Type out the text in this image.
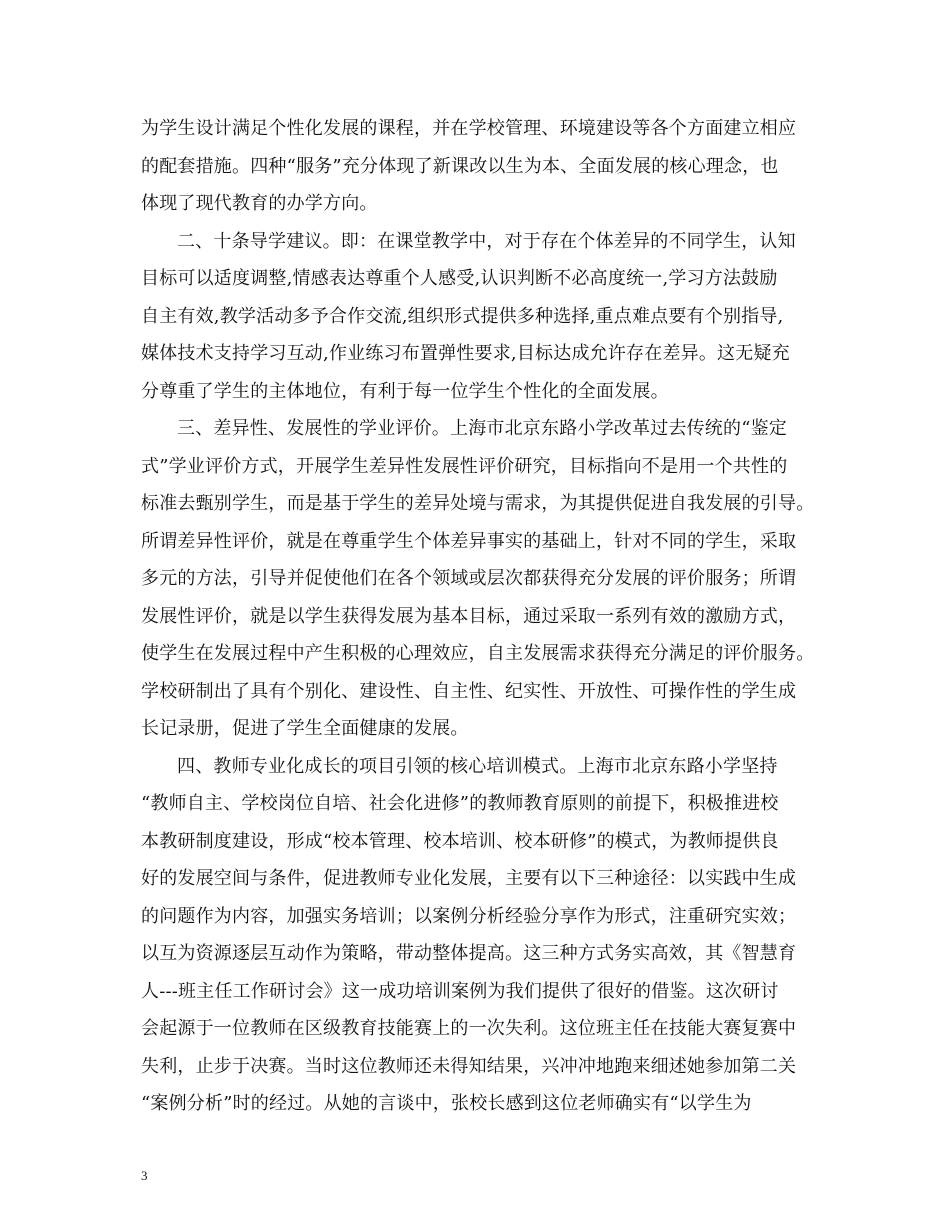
为学生设计满足个性化发展的课程，并在学校管理、环境建设等各个方面建立相应
的配套措施。四种“服务”充分体现了新课改以生为本、全面发展的核心理念，也
体现了现代教育的办学方向。
二、十条导学建议。即：在课堂教学中，对于存在个体差异的不同学生，认知
目标可以适度调整,情感表达尊重个人感受,认识判断不必高度统一,学习方法鼓励
自主有效,教学活动多予合作交流,组织形式提供多种选择,重点难点要有个别指导,
媒体技术支持学习互动,作业练习布置弹性要求,目标达成允许存在差异。这无疑充
分尊重了学生的主体地位，有利于每一位学生个性化的全面发展。
三、差异性、发展性的学业评价。上海市北京东路小学改革过去传统的“鉴定
式”学业评价方式，开展学生差异性发展性评价研究，目标指向不是用一个共性的
标准去甄别学生，而是基于学生的差异处境与需求，为其提供促进自我发展的引导。
所谓差异性评价，就是在尊重学生个体差异事实的基础上，针对不同的学生，采取
多元的方法，引导并促使他们在各个领域或层次都获得充分发展的评价服务；所谓
发展性评价，就是以学生获得发展为基本目标，通过采取一系列有效的激励方式，
使学生在发展过程中产生积极的心理效应，自主发展需求获得充分满足的评价服务。
学校研制出了具有个别化、建设性、自主性、纪实性、开放性、可操作性的学生成
长记录册，促进了学生全面健康的发展。
四、教师专业化成长的项目引领的核心培训模式。上海市北京东路小学坚持
“教师自主、学校岗位自培、社会化进修”的教师教育原则的前提下，积极推进校
本教研制度建设，形成“校本管理、校本培训、校本研修”的模式，为教师提供良
好的发展空间与条件，促进教师专业化发展，主要有以下三种途径：以实践中生成
的问题作为内容，加强实务培训；以案例分析经验分享作为形式，注重研究实效；
以互为资源逐层互动作为策略，带动整体提高。这三种方式务实高效，其《智慧育
人---班主任工作研讨会》这一成功培训案例为我们提供了很好的借鉴。这次研讨
会起源于一位教师在区级教育技能赛上的一次失利。这位班主任在技能大赛复赛中
失利，止步于决赛。当时这位教师还未得知结果，兴冲冲地跑来细述她参加第二关
“案例分析”时的经过。从她的言谈中，张校长感到这位老师确实有“以学生为
3
